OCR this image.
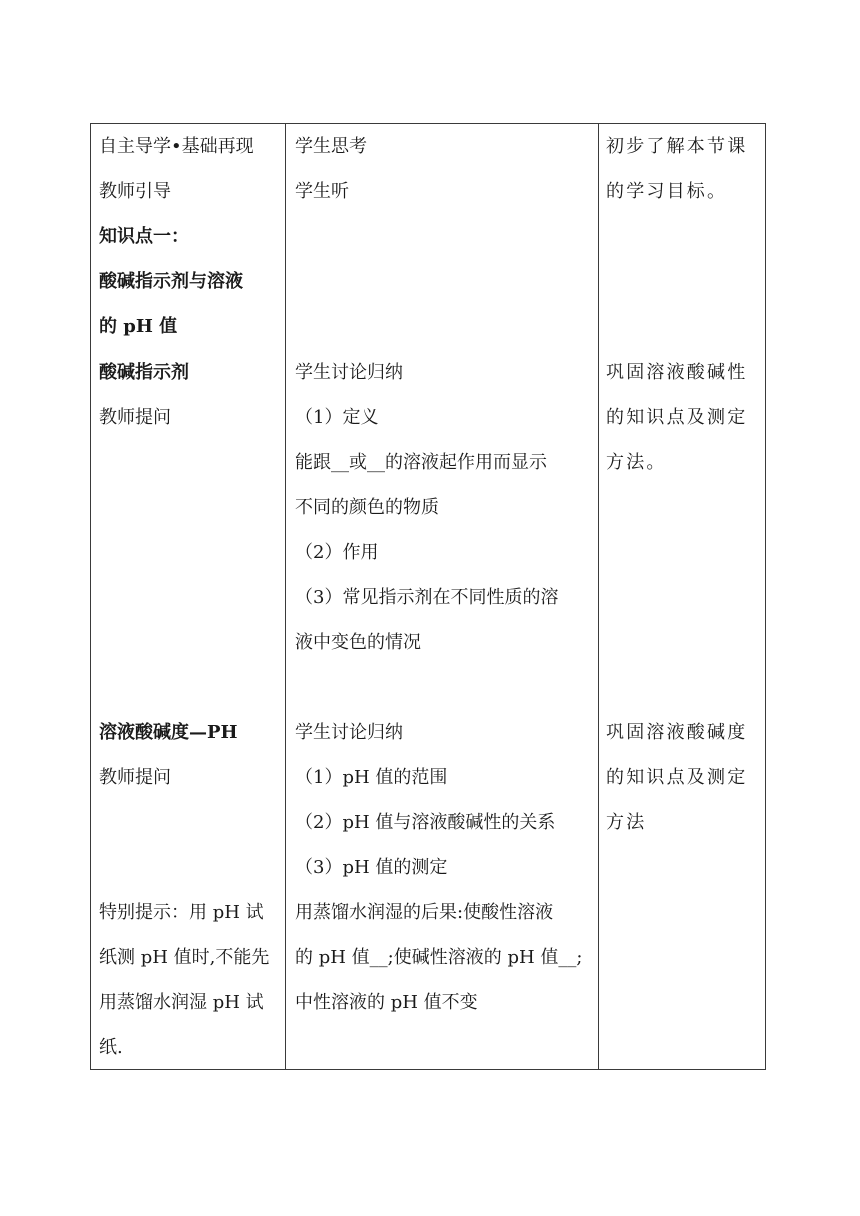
自主导学•基础再现
教师引导
知识点一：
酸碱指示剂与溶液
的 pH 值
学生思考
学生听
初步了解本节课
的学习目标。
酸碱指示剂
教师提问
学生讨论归纳
（1）定义
能跟__或__的溶液起作用而显示
不同的颜色的物质
（2）作用
（3）常见指示剂在不同性质的溶
液中变色的情况
巩固溶液酸碱性
的知识点及测定
方法。
溶液酸碱度—PH
教师提问
学生讨论归纳
（1）pH 值的范围
（2）pH 值与溶液酸碱性的关系
（3）pH 值的测定
用蒸馏水润湿的后果:使酸性溶液
的 pH 值__;使碱性溶液的 pH 值__;
中性溶液的 pH 值不变
巩固溶液酸碱度
的知识点及测定
方法
特别提示：用 pH 试
纸测 pH 值时,不能先
用蒸馏水润湿 pH 试
纸.
